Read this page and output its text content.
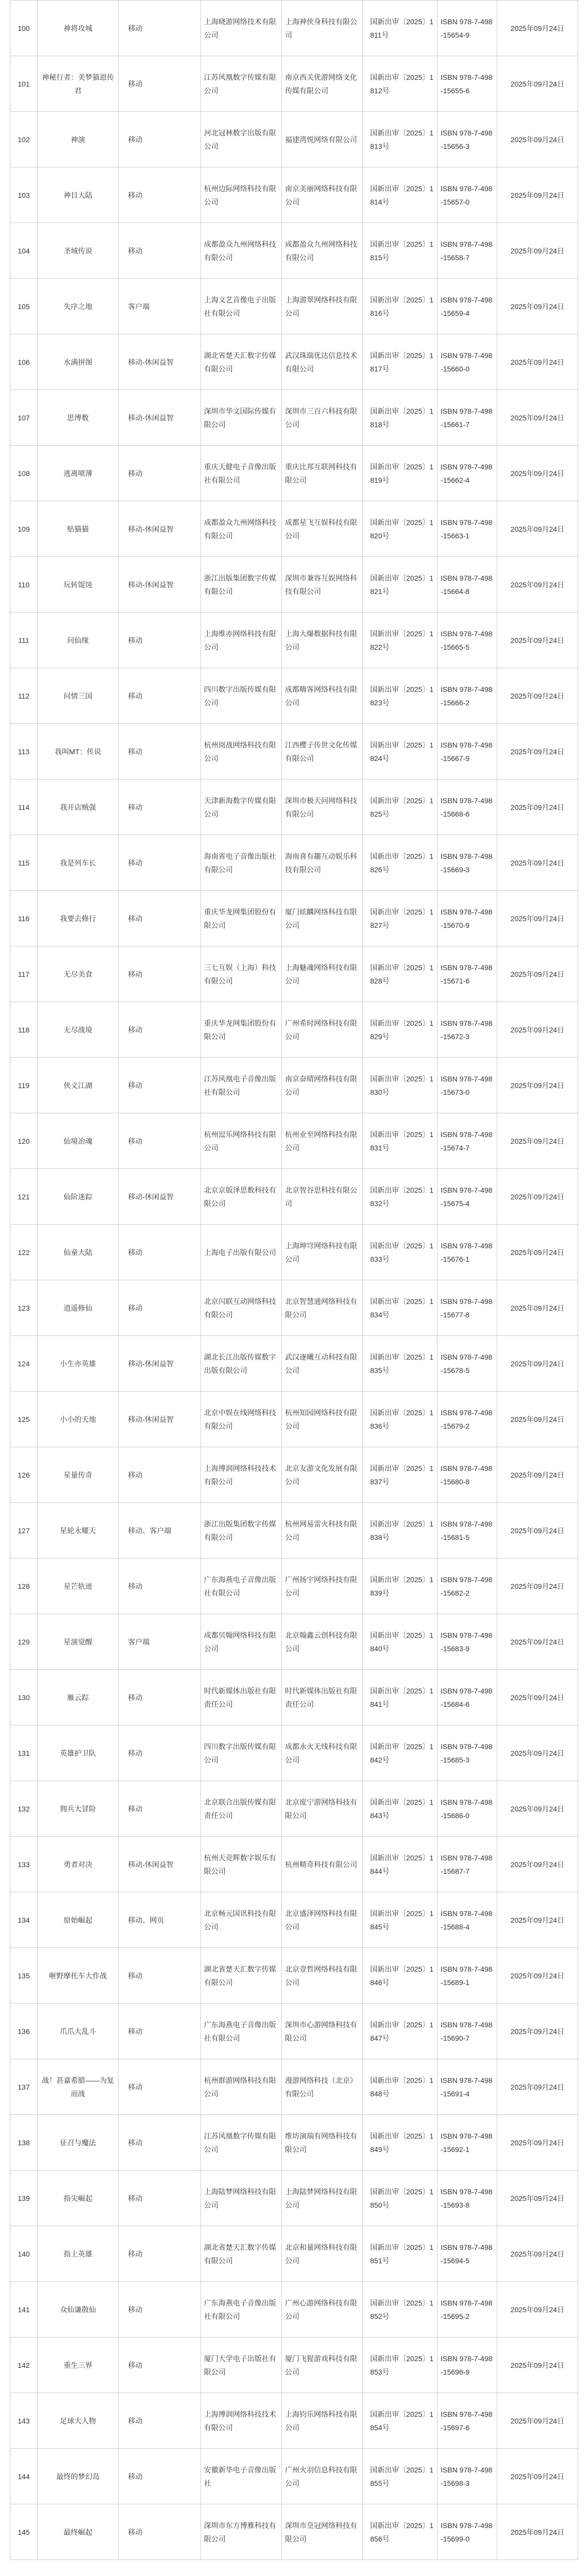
100	神将攻城	移动	上海晓游网络技术有限公司	上海神侠身科技有限公司	国新出审〔2025〕1811号	ISBN 978-7-498-15654-9	2025年09月24日
101	神秘行者：美梦猫恩传君	移动	江苏风凰数字传媒有限公司	南京西关优游网络文化传媒有限公司	国新出审〔2025〕1812号	ISBN 978-7-498-15655-6	2025年09月24日
102	神演	移动	河北冠林数字出版有限公司	福建湾悦网络有限公司	国新出审〔2025〕1813号	ISBN 978-7-498-15656-3	2025年09月24日
103	神目大陆	移动	杭州边际网络科技有限公司	南京美丽网络科技有限公司	国新出审〔2025〕1814号	ISBN 978-7-498-15657-0	2025年09月24日
104	圣域传说	移动	成都盈众九州网络科技有限公司	成都盈众九州网络科技有限公司	国新出审〔2025〕1815号	ISBN 978-7-498-15658-7	2025年09月24日
105	失序之地	客户端	上海文艺音像电子出版社有限公司	上海游翠网络科技有限公司	国新出审〔2025〕1816号	ISBN 978-7-498-15659-4	2025年09月24日
106	水满拼图	移动-休闲益智	湖北省楚天汇数字传媒有限公司	武汉珠瑞优达信息技术有限公司	国新出审〔2025〕1817号	ISBN 978-7-498-15660-0	2025年09月24日
107	思博数	移动-休闲益智	深圳市华文国际传媒有限公司	深圳市三百六科技有限公司	国新出审〔2025〕1818号	ISBN 978-7-498-15661-7	2025年09月24日
108	逃离喷薄	移动	重庆天健电子音像出版社有限公司	重庆比邦互联网科技有限公司	国新出审〔2025〕1819号	ISBN 978-7-498-15662-4	2025年09月24日
109	贴猫猫	移动-休闲益智	成都盈众九州网络科技有限公司	成都星飞互娱科技有限公司	国新出审〔2025〕1820号	ISBN 978-7-498-15663-1	2025年09月24日
110	玩转馄饨	移动-休闲益智	浙江出版集团数字传媒有限公司	深圳市兼容互娱网络科技有限公司	国新出审〔2025〕1821号	ISBN 978-7-498-15664-8	2025年09月24日
111	问仙缘	移动	上海维赤网络科技有限公司	上海大爆数据科技有限公司	国新出审〔2025〕1822号	ISBN 978-7-498-15665-5	2025年09月24日
112	问情三国	移动	四川数字出版传媒有限公司	成都嗨客网络科技有限公司	国新出审〔2025〕1823号	ISBN 978-7-498-15666-2	2025年09月24日
113	我叫MT：传说	移动	杭州阅战网络科技有限公司	江西樱子传世文化传媒有限公司	国新出审〔2025〕1824号	ISBN 978-7-498-15667-9	2025年09月24日
114	我开店贼强	移动	天津新海数字传媒有限公司	深圳市极天问网络科技有限公司	国新出审〔2025〕1825号	ISBN 978-7-498-15668-6	2025年09月24日
115	我是列车长	移动	海南省电子音像出版社有限公司	海南喜有趣互动娱乐科技有限公司	国新出审〔2025〕1826号	ISBN 978-7-498-15669-3	2025年09月24日
116	我要去修行	移动	重庆华龙网集团股份有限公司	厦门炫麟网络科技有限公司	国新出审〔2025〕1827号	ISBN 978-7-498-15670-9	2025年09月24日
117	无尽美食	移动	三七互娱（上海）科技有限公司	上海魅魂网络科技有限公司	国新出审〔2025〕1828号	ISBN 978-7-498-15671-6	2025年09月24日
118	无尽战境	移动	重庆华龙网集团股份有限公司	广州希时网络科技有限公司	国新出审〔2025〕1829号	ISBN 978-7-498-15672-3	2025年09月24日
119	侠义江湖	移动	江苏风凰电子音像出版社有限公司	南京奋晴网络科技有限公司	国新出审〔2025〕1830号	ISBN 978-7-498-15673-0	2025年09月24日
120	仙境冶魂	移动	杭州逗乐网络科技有限公司	杭州业至网络科技有限公司	国新出审〔2025〕1831号	ISBN 978-7-498-15674-7	2025年09月24日
121	仙阶迷踪	移动-休闲益智	北京京版泽思数科技有限公司	北京智谷思科技有限公司	国新出审〔2025〕1832号	ISBN 978-7-498-15675-4	2025年09月24日
122	仙童大陆	移动	上海电子出版有限公司	上海坤穹网络科技有限公司	国新出审〔2025〕1833号	ISBN 978-7-498-15676-1	2025年09月24日
123	逍遥修仙	移动	北京闪联互动网络科技有限公司	北京智慧通网络科技有限公司	国新出审〔2025〕1834号	ISBN 978-7-498-15677-8	2025年09月24日
124	小生亦英雄	移动-休闲益智	湖北长江出版传媒数字出版有限公司	武汉逐曦互动科技有限公司	国新出审〔2025〕1835号	ISBN 978-7-498-15678-5	2025年09月24日
125	小小的天地	移动-休闲益智	北京中娱在线网络科技有限公司	杭州知园网络科技有限公司	国新出审〔2025〕1836号	ISBN 978-7-498-15679-2	2025年09月24日
126	星量传奇	移动	上海博润网络科技技术有限公司	北京友游文化发展有限公司	国新出审〔2025〕1837号	ISBN 978-7-498-15680-8	2025年09月24日
127	星轮永耀天	移动、客户端	浙江出版集团数字传媒有限公司	杭州网易雷火科技有限公司	国新出审〔2025〕1838号	ISBN 978-7-498-15681-5	2025年09月24日
128	星芒轨迹	移动	广东海燕电子音像出版社有限公司	广州扬宇网络科技有限公司	国新出审〔2025〕1839号	ISBN 978-7-498-15682-2	2025年09月24日
129	星演觉醒	客户端	成都贝翰网络科技有限公司	北京翰鑫云创科技有限公司	国新出审〔2025〕1840号	ISBN 978-7-498-15683-9	2025年09月24日
130	雁云踪	移动	时代新媒体出版社有限责任公司	时代新媒体出版社有限责任公司	国新出审〔2025〕1841号	ISBN 978-7-498-15684-6	2025年09月24日
131	英雄护卫队	移动	四川数字出版传媒有限公司	成都永火无线科技有限公司	国新出审〔2025〕1842号	ISBN 978-7-498-15685-3	2025年09月24日
132	佣兵大冒险	移动	北京联合出版传媒有限责任公司	北京废宁游网络科技有限公司	国新出审〔2025〕1843号	ISBN 978-7-498-15686-0	2025年09月24日
133	勇者对决	移动-休闲益智	杭州天竞辉数字娱乐有限公司	杭州精奇科技有限公司	国新出审〔2025〕1844号	ISBN 978-7-498-15687-7	2025年09月24日
134	原始崛起	移动、网页	北京畅元国讯科技有限公司	北京盛泽网络科技有限公司	国新出审〔2025〕1845号	ISBN 978-7-498-15688-4	2025年09月24日
135	咂野摩托车大作战	移动	湖北省楚天汇数字传媒有限公司	北京壹哲网络科技有限公司	国新出审〔2025〕1846号	ISBN 978-7-498-15689-1	2025年09月24日
136	爪爪大乱斗	移动	广东海燕电子音像出版社有限公司	深圳市心游网络科技有限公司	国新出审〔2025〕1847号	ISBN 978-7-498-15690-7	2025年09月24日
137	战！甚嘉希腊——为复而战	移动	杭州群游网络科技有限公司	漫游网络科技（北京）有限公司	国新出审〔2025〕1848号	ISBN 978-7-498-15691-4	2025年09月24日
138	征召与魔法	移动	江苏风凰数字传媒有限公司	维坊演瑞有网络科技有限公司	国新出审〔2025〕1849号	ISBN 978-7-498-15692-1	2025年09月24日
139	指尖崛起	移动	上海陆梦网络科技有限公司	上海陆梦网络科技有限公司	国新出审〔2025〕1850号	ISBN 978-7-498-15693-8	2025年09月24日
140	指上英雄	移动	湖北省楚天汇数字传媒有限公司	北京和量网络科技有限公司	国新出审〔2025〕1851号	ISBN 978-7-498-15694-5	2025年09月24日
141	众仙谦散仙	移动	广东海燕电子音像出版社有限公司	广州心游网络科技有限公司	国新出审〔2025〕1852号	ISBN 978-7-498-15695-2	2025年09月24日
142	重生三界	移动	厦门大学电子出版社有限公司	厦门飞猩游戏科技有限公司	国新出审〔2025〕1853号	ISBN 978-7-498-15696-9	2025年09月24日
143	足球大人物	移动	上海博润网络科技技术有限公司	上海钧乐网络科技有限公司	国新出审〔2025〕1854号	ISBN 978-7-498-15697-6	2025年09月24日
144	最终的梦幻岛	移动	安徽新华电子音像出版社	广州火羽信息科技有限公司	国新出审〔2025〕1855号	ISBN 978-7-498-15698-3	2025年09月24日
145	最终崛起	移动	深圳市东方博雅科技有限公司	深圳市皇冠网络科技有限公司	国新出审〔2025〕1856号	ISBN 978-7-498-15699-0	2025年09月24日
